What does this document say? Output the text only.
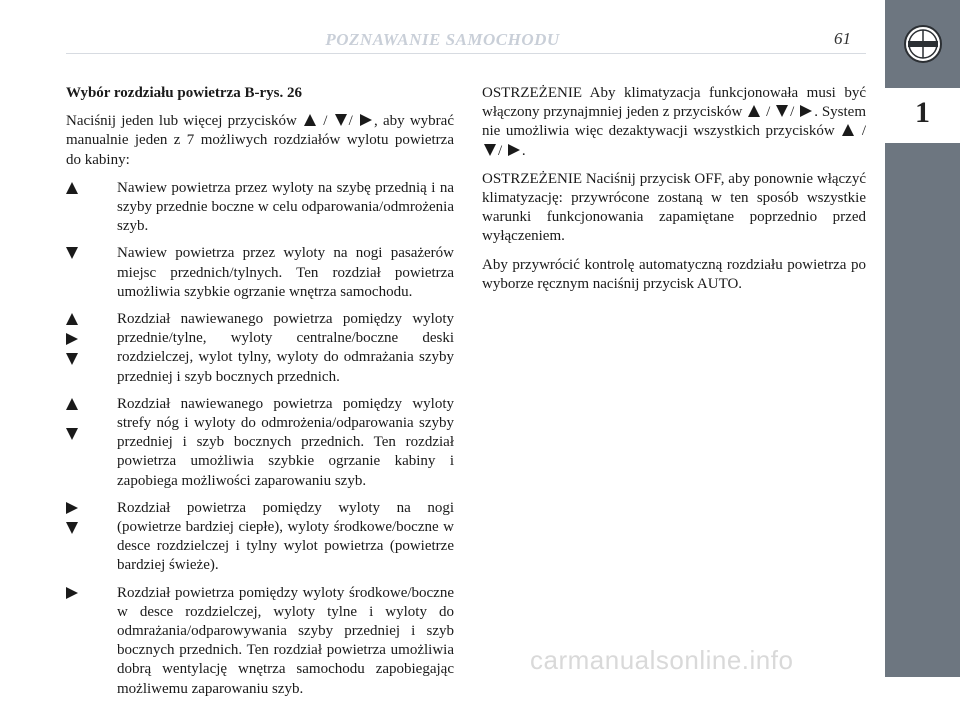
POZNAWANIE SAMOCHODU	61
1
Wybór rozdziału powietrza B-rys. 26

Naciśnij jeden lub więcej przycisków  / / , aby wybrać manualnie jeden z 7 możliwych rozdziałów wylotu powietrza do kabiny:

Nawiew powietrza przez wyloty na szybę przednią i na szyby przednie boczne w celu odparowania/odmrożenia szyb.
Nawiew powietrza przez wyloty na nogi pasażerów miejsc przednich/tylnych. Ten rozdział powietrza umożliwia szybkie ogrzanie wnętrza samochodu.
Rozdział nawiewanego powietrza pomiędzy wyloty przednie/tylne, wyloty centralne/boczne deski rozdzielczej, wylot tylny, wyloty do odmrażania szyby przedniej i szyb bocznych przednich.
Rozdział nawiewanego powietrza pomiędzy wyloty strefy nóg i wyloty do odmrożenia/odparowania szyby przedniej i szyb bocznych przednich. Ten rozdział powietrza umożliwia szybkie ogrzanie kabiny i zapobiega możliwości zaparowaniu szyb.
Rozdział powietrza pomiędzy wyloty na nogi (powietrze bardziej ciepłe), wyloty środkowe/boczne w desce rozdzielczej i tylny wylot powietrza (powietrze bardziej świeże).
Rozdział powietrza pomiędzy wyloty środkowe/boczne w desce rozdzielczej, wyloty tylne i wyloty do odmrażania/odparowywania szyby przedniej i szyb bocznych przednich. Ten rozdział powietrza umożliwia dobrą wentylację wnętrza samochodu zapobiegając możliwemu zaparowaniu szyb.

OSTRZEŻENIE Aby klimatyzacja funkcjonowała musi być włączony przynajmniej jeden z przycisków  / / . System nie umożliwia więc dezaktywacji wszystkich przycisków  / / .

OSTRZEŻENIE Naciśnij przycisk OFF, aby ponownie włączyć klimatyzację: przywrócone zostaną w ten sposób wszystkie warunki funkcjonowania zapamiętane poprzednio przed wyłączeniem.

Aby przywrócić kontrolę automatyczną rozdziału powietrza po wyborze ręcznym naciśnij przycisk AUTO.

carmanualsonline.info
